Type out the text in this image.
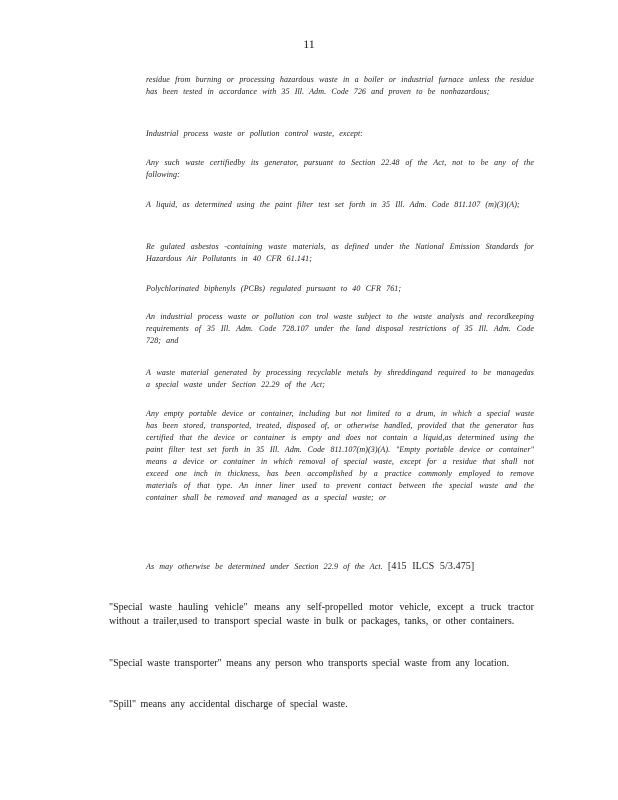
11
residue from burning or processing hazardous waste in a boiler or industrial furnace unless the residue has been tested in accordance with 35 Ill. Adm. Code 726 and proven to be nonhazardous;
Industrial process waste or pollution control waste, except:
Any such waste certifiedby its generator, pursuant to Section 22.48 of the Act, not to be any of the following:
A liquid, as determined using the paint filter test set forth in 35 Ill. Adm. Code 811.107 (m)(3)(A);
Re gulated asbestos -containing waste materials, as defined under the National Emission Standards for Hazardous Air Pollutants in 40 CFR 61.141;
Polychlorinated biphenyls (PCBs) regulated pursuant to 40 CFR 761;
An industrial process waste or pollution con trol waste subject to the waste analysis and recordkeeping requirements of 35 Ill. Adm. Code 728.107 under the land disposal restrictions of 35 Ill. Adm. Code 728; and
A waste material generated by processing recyclable metals by shreddingand required to be managedas a special waste under Section 22.29 of the Act;
Any empty portable device or container, including but not limited to a drum, in which a special waste has been stored, transported, treated, disposed of, or otherwise handled, provided that the generator has certified that the device or container is empty and does not contain a liquid,as determined using the paint filter test set forth in 35 Ill. Adm. Code 811.107(m)(3)(A). "Empty portable device or container" means a device or container in which removal of special waste, except for a residue that shall not exceed one inch in thickness, has been accomplished by a practice commonly employed to remove materials of that type. An inner liner used to prevent contact between the special waste and the container shall be removed and managed as a special waste; or
As may otherwise be determined under Section 22.9 of the Act. [415 ILCS 5/3.475]
"Special waste hauling vehicle" means any self-propelled motor vehicle, except a truck tractor without a trailer,used to transport special waste in bulk or packages, tanks, or other containers.
"Special waste transporter" means any person who transports special waste from any location.
"Spill" means any accidental discharge of special waste.
